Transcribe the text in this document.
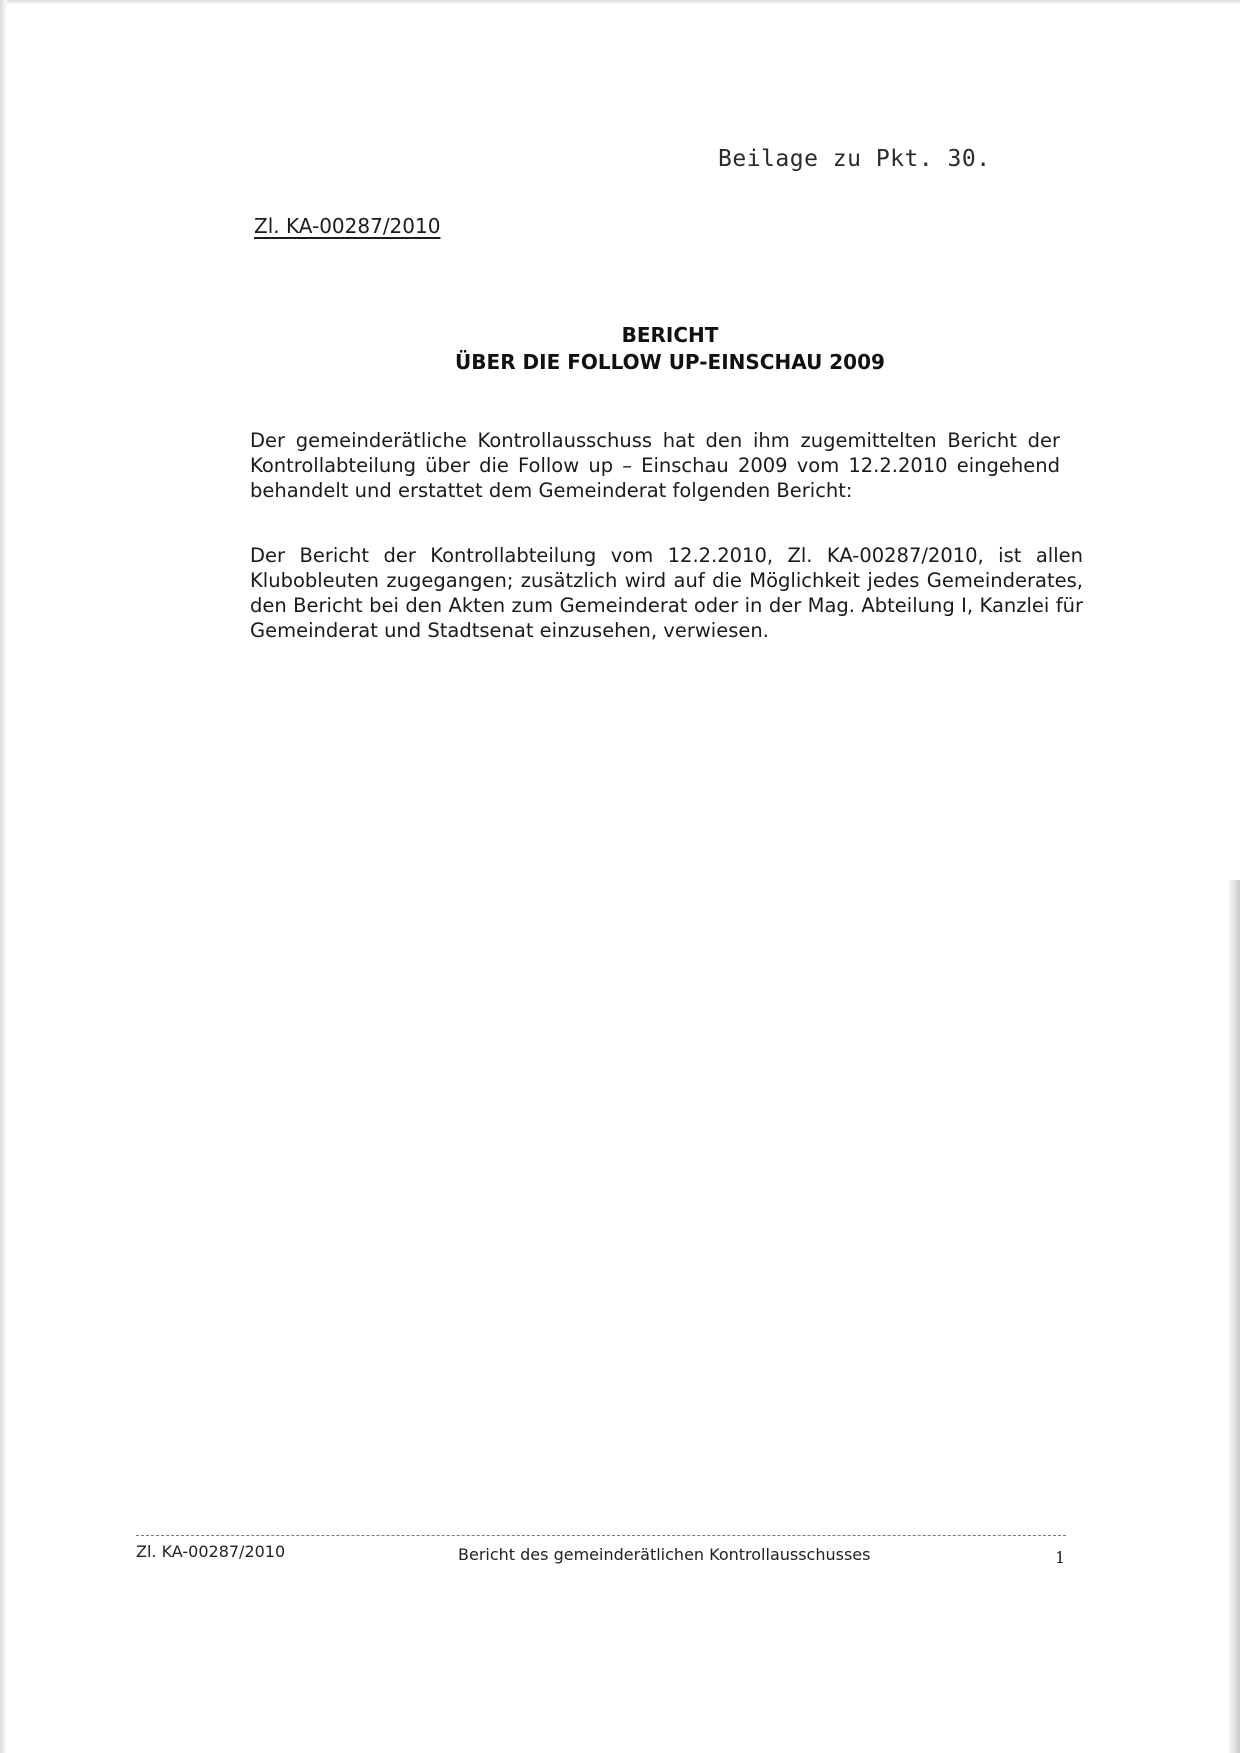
Beilage zu Pkt. 30.
Zl. KA-00287/2010
BERICHT
ÜBER DIE FOLLOW UP-EINSCHAU 2009

Der gemeinderätliche Kontrollausschuss hat den ihm zugemittelten Bericht der Kontrollabteilung über die Follow up – Einschau 2009 vom 12.2.2010 eingehend behandelt und erstattet dem Gemeinderat folgenden Bericht:

Der Bericht der Kontrollabteilung vom 12.2.2010, Zl. KA-00287/2010, ist allen Klubobleuten zugegangen; zusätzlich wird auf die Möglichkeit jedes Gemeinderates, den Bericht bei den Akten zum Gemeinderat oder in der Mag. Abteilung I, Kanzlei für Gemeinderat und Stadtsenat einzusehen, verwiesen.

Zl. KA-00287/2010	Bericht des gemeinderätlichen Kontrollausschusses	1
